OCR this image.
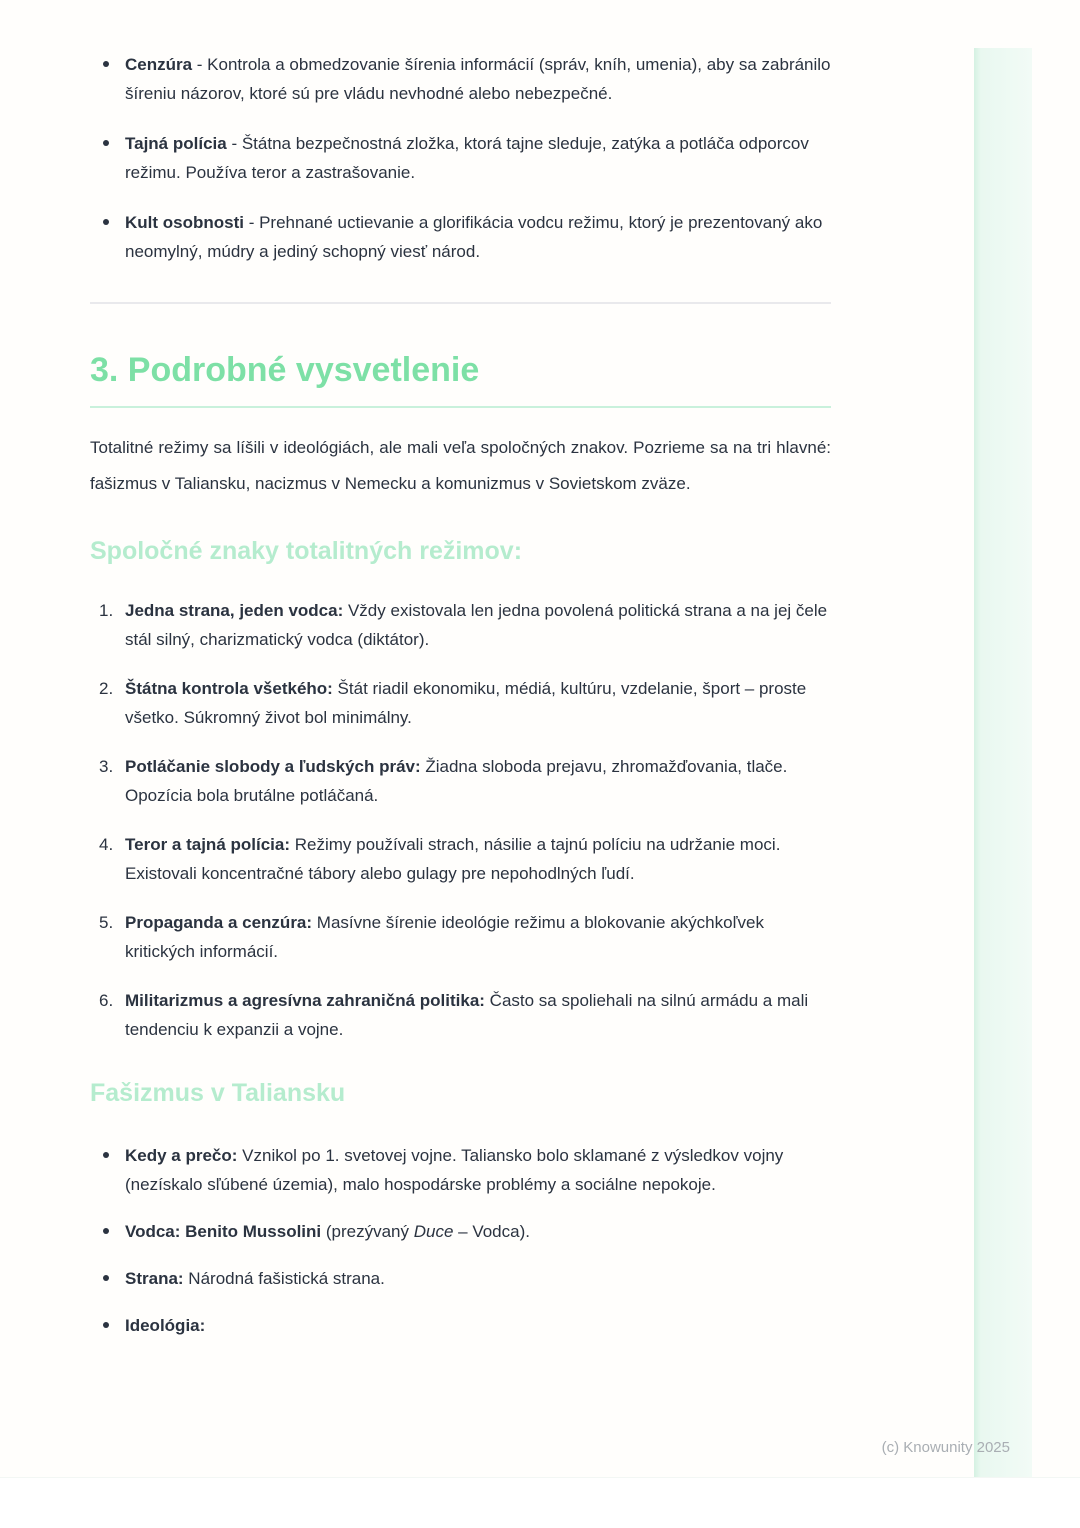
Cenzúra - Kontrola a obmedzovanie šírenia informácií (správ, kníh, umenia), aby sa zabránilo šíreniu názorov, ktoré sú pre vládu nevhodné alebo nebezpečné.
Tajná polícia - Štátna bezpečnostná zložka, ktorá tajne sleduje, zatýka a potláča odporcov režimu. Používa teror a zastrašovanie.
Kult osobnosti - Prehnané uctievanie a glorifikácia vodcu režimu, ktorý je prezentovaný ako neomylný, múdry a jediný schopný viesť národ.
3. Podrobné vysvetlenie
Totalitné režimy sa líšili v ideológiách, ale mali veľa spoločných znakov. Pozrieme sa na tri hlavné: fašizmus v Taliansku, nacizmus v Nemecku a komunizmus v Sovietskom zväze.
Spoločné znaky totalitných režimov:
1. Jedna strana, jeden vodca: Vždy existovala len jedna povolená politická strana a na jej čele stál silný, charizmatický vodca (diktátor).
2. Štátna kontrola všetkého: Štát riadil ekonomiku, médiá, kultúru, vzdelanie, šport – proste všetko. Súkromný život bol minimálny.
3. Potláčanie slobody a ľudských práv: Žiadna sloboda prejavu, zhromažďovania, tlače. Opozícia bola brutálne potláčaná.
4. Teror a tajná polícia: Režimy používali strach, násilie a tajnú políciu na udržanie moci. Existovali koncentračné tábory alebo gulagy pre nepohodlných ľudí.
5. Propaganda a cenzúra: Masívne šírenie ideológie režimu a blokovanie akýchkoľvek kritických informácií.
6. Militarizmus a agresívna zahraničná politika: Často sa spoliehali na silnú armádu a mali tendenciu k expanzii a vojne.
Fašizmus v Taliansku
Kedy a prečo: Vznikol po 1. svetovej vojne. Taliansko bolo sklamané z výsledkov vojny (nezískalo sľúbené územia), malo hospodárske problémy a sociálne nepokoje.
Vodca: Benito Mussolini (prezývaný Duce – Vodca).
Strana: Národná fašistická strana.
Ideológia:
(c) Knowunity 2025
